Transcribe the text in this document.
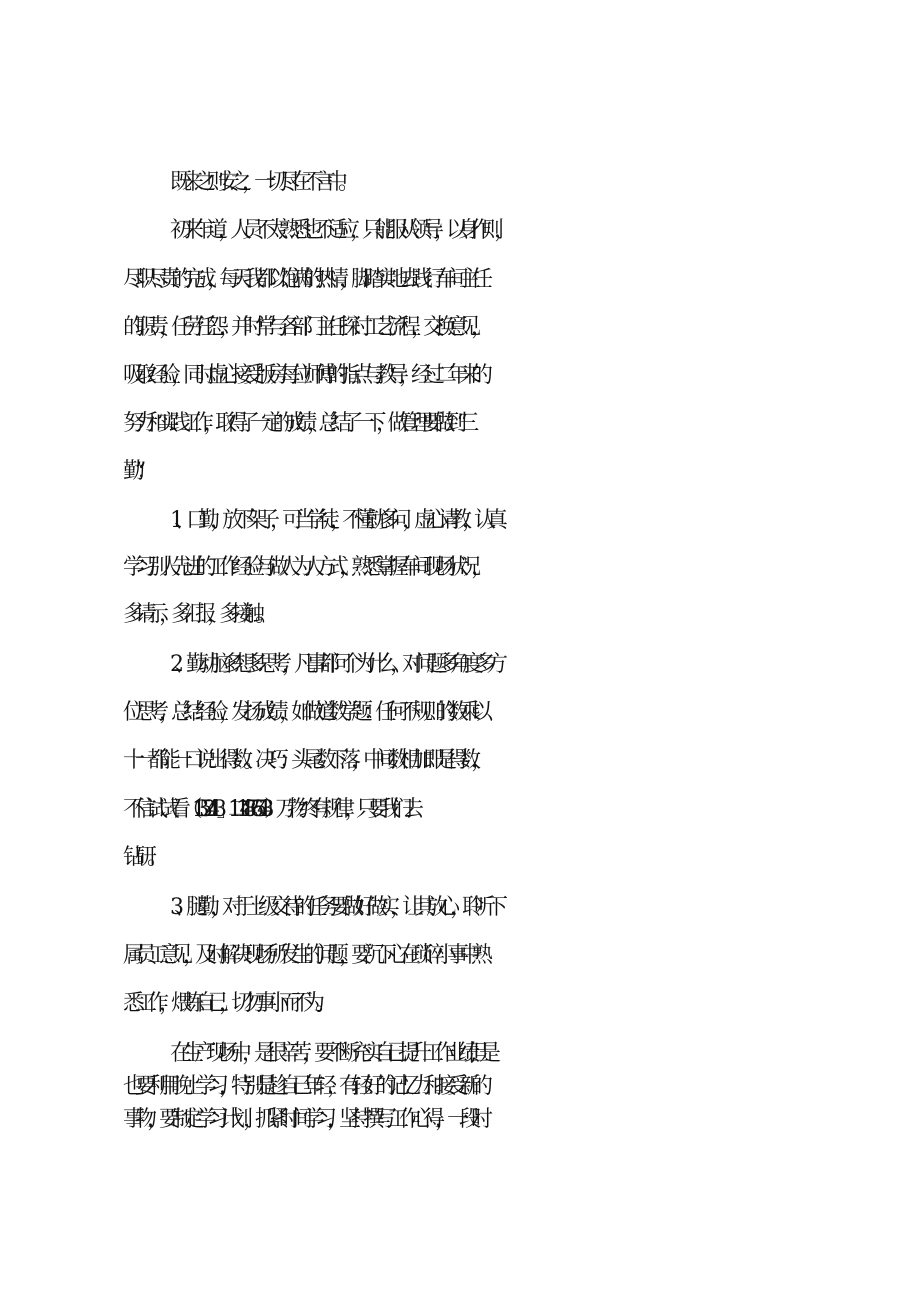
既来之则安之，一切尽在不言中。
初来乍道，人员不太熟悉也不适应，只能服从领导，以身作则，
尽职尽责的完成，每天我都以饱满的热情，脚踏实地去践行车间主任
的职责，任劳任怨，并时常与各部门主任探讨工艺流程，交换意见，
吸取经验，同时虚心接受版房每位师傅的指点与教导，经过二年来的
努力和实践工作，取得了一定的成绩，总结了一下，做管理要做到“三
勤”：
1、口勤，放下架子，可当学徒，不懂就多问，虚心请教，认真
学习别人先进的工作经验与做人为人方式，熟悉掌握车间现场状况，
多请示，多汇报，多接触。
2、勤动脑多想多思考，凡事都问个为什么，对问题多角度多方
位思考，总结经验，发扬成绩，如做道数学题：任何不规则的数乘以
十一都能一口说出得数。决巧：头尾数下落，中间数相加即是得数，
不信试试看（1352413」1 二 14876543）万物终有规律，只要我们去
钻研。
3、腿勤，对于上级交待的任务要做好做实，让其放心，聆听下
属员工意见，及时解决现场所发生的问题，要沉下心在琐碎小事中熟
悉工作，煨炼自己，切勿事小而不为。
在生产现场中，是很辛苦，要不断充实自己提升工作业绩,但是
也要利用晚上学习，特别是趁自己年轻，有轻好的记忆力和接受新的
事物，要制定学习计划，抓紧时间学习，坚持撰写工作心得，一段时
